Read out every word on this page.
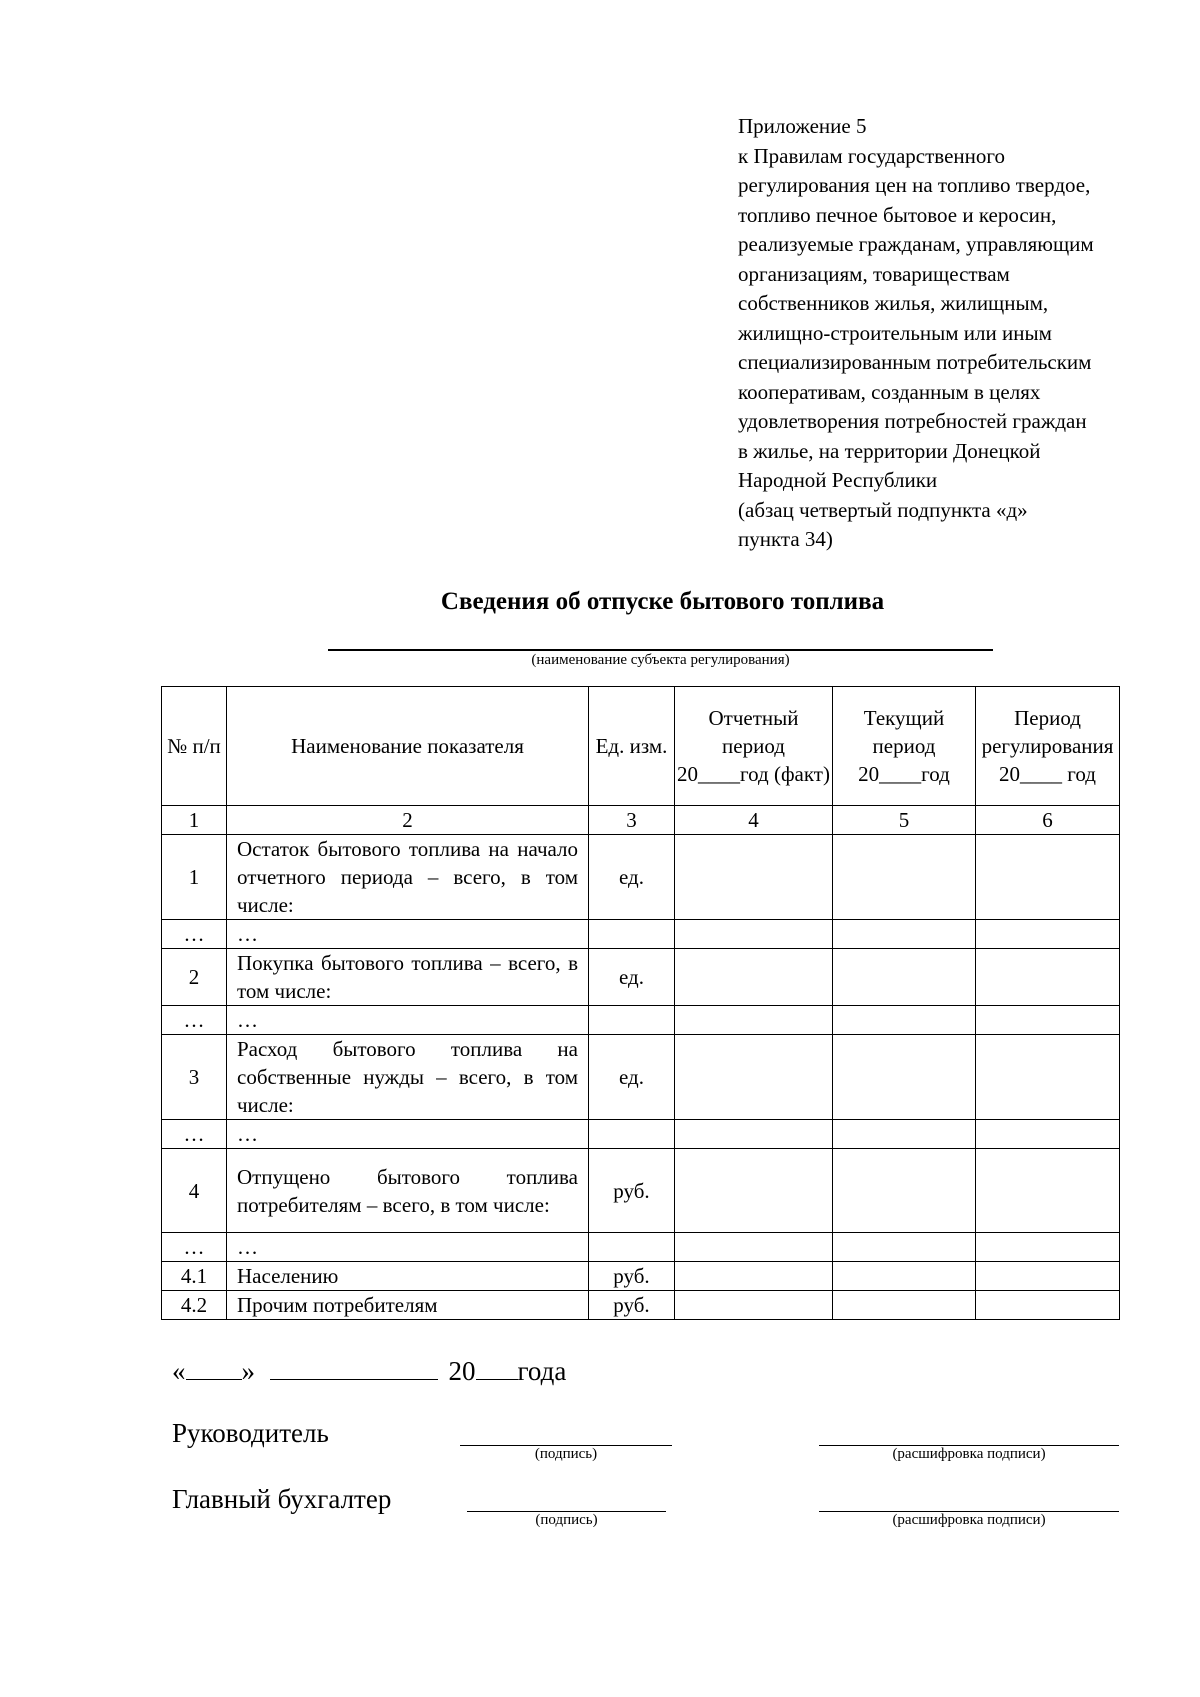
Приложение 5
к Правилам государственного
регулирования цен на топливо твердое,
топливо печное бытовое и керосин,
реализуемые гражданам, управляющим
организациям, товариществам
собственников жилья, жилищным,
жилищно-строительным или иным
специализированным потребительским
кооперативам, созданным в целях
удовлетворения потребностей граждан
в жилье, на территории Донецкой
Народной Республики
(абзац четвертый подпункта «д»
пункта 34)
Сведения об отпуске бытового топлива
(наименование субъекта регулирования)
№ п/п	Наименование показателя	Ед. изм.	Отчетный период 20____год (факт)	Текущий период 20____год	Период регулирования 20____ год
1	2	3	4	5	6
1	Остаток бытового топлива на начало отчетного периода – всего, в том числе:	ед.			
…	…				
2	Покупка бытового топлива – всего, в том числе:	ед.			
…	…				
3	Расход бытового топлива на собственные нужды – всего, в том числе:	ед.			
…	…				
4	Отпущено бытового топлива потребителям – всего, в том числе:	руб.			
…	…				
4.1	Населению	руб.			
4.2	Прочим потребителям	руб.			
« »	20 года
Руководитель
(подпись)	(расшифровка подписи)
Главный бухгалтер
(подпись)	(расшифровка подписи)
